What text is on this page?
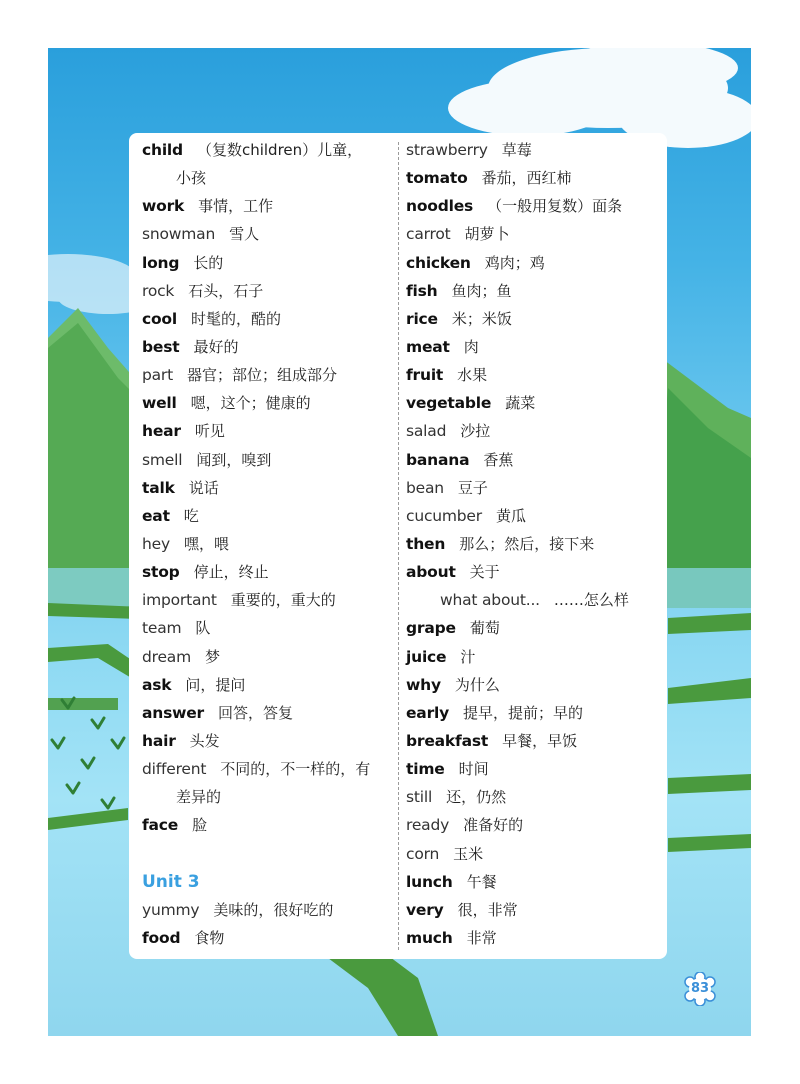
child （复数children）儿童，
小孩
work 事情，工作
snowman 雪人
long 长的
rock 石头，石子
cool 时髦的，酷的
best 最好的
part 器官；部位；组成部分
well 嗯，这个；健康的
hear 听见
smell 闻到，嗅到
talk 说话
eat 吃
hey 嘿，喂
stop 停止，终止
important 重要的，重大的
team 队
dream 梦
ask 问，提问
answer 回答，答复
hair 头发
different 不同的，不一样的，有
差异的
face 脸
Unit 3
yummy 美味的，很好吃的
food 食物
strawberry 草莓
tomato 番茄，西红柿
noodles （一般用复数）面条
carrot 胡萝卜
chicken 鸡肉；鸡
fish 鱼肉；鱼
rice 米；米饭
meat 肉
fruit 水果
vegetable 蔬菜
salad 沙拉
banana 香蕉
bean 豆子
cucumber 黄瓜
then 那么；然后，接下来
about 关于
what about... ……怎么样
grape 葡萄
juice 汁
why 为什么
early 提早，提前；早的
breakfast 早餐，早饭
time 时间
still 还，仍然
ready 准备好的
corn 玉米
lunch 午餐
very 很，非常
much 非常
83
